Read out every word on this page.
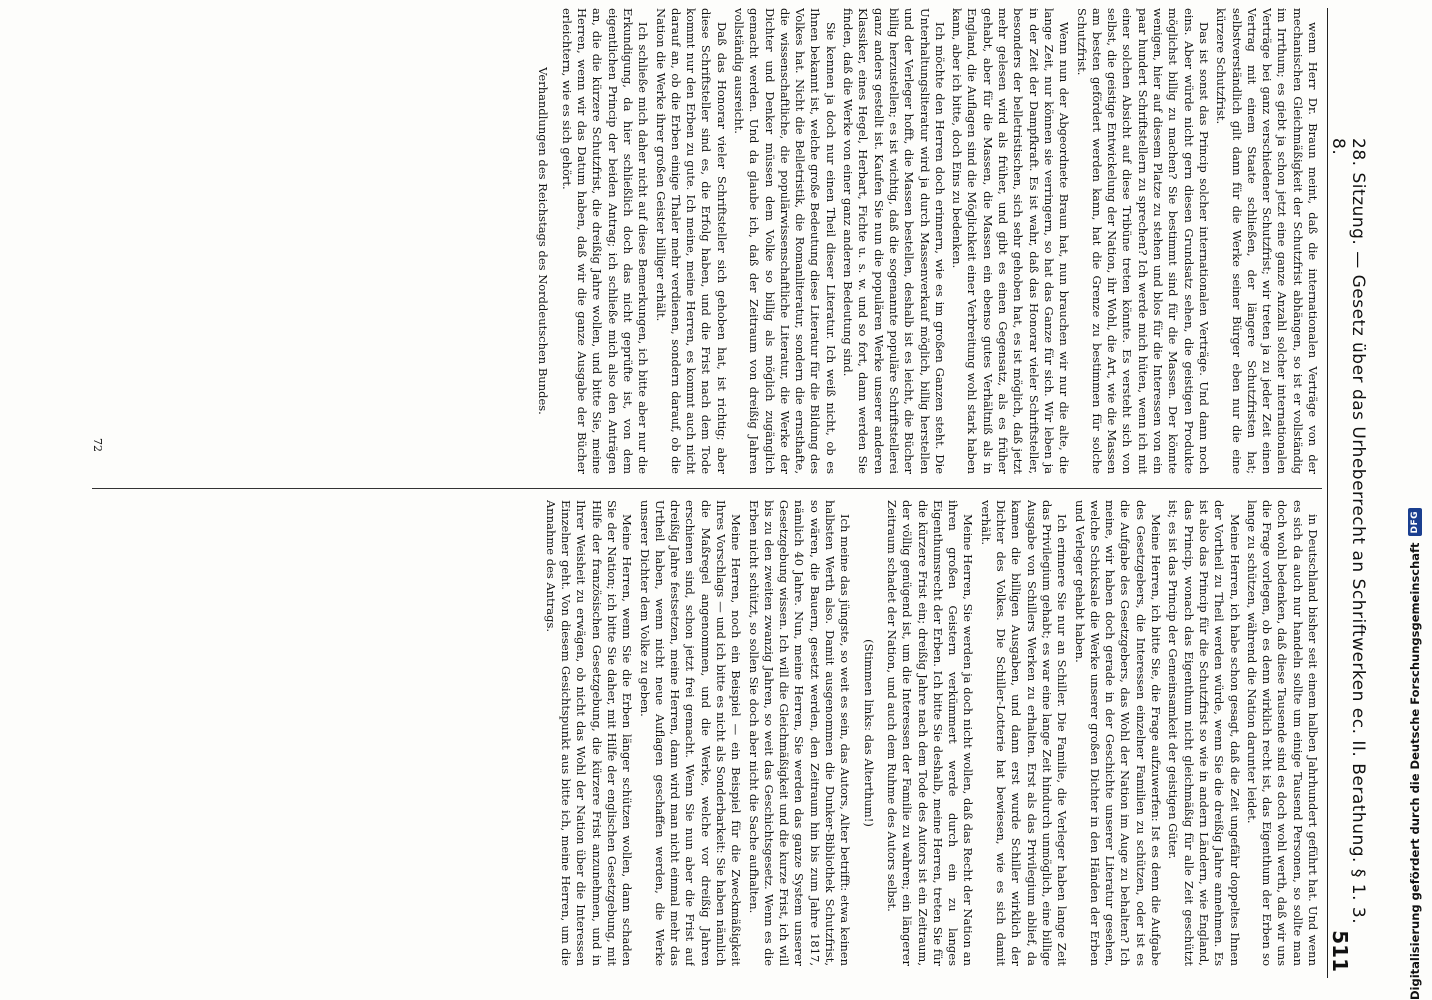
28. Sitzung. — Gesetz über das Urheberrecht an Schriftwerken ec. II. Berathung. § 1. 3. 8.
511

wenn Herr Dr. Braun meint, daß die internationalen Verträge von der mechanischen Gleichmäßigkeit der Schutzfrist abhängen, so ist er vollständig im Irrthum; es giebt ja schon jetzt eine ganze Anzahl solcher internationalen Verträge bei ganz verschiedener Schutzfrist; wir treten ja zu jeder Zeit einen Vertrag mit einem Staate schließen, der längere Schutzfristen hat; selbstverständlich gilt dann für die Werke seiner Bürger eben nur die eine kürzere Schutzfrist.

Das ist sonst das Princip solcher internationalen Verträge. Und dann noch eins. Aber würde nicht gern diesen Grundsatz sehen, die geistigen Produkte möglichst billig zu machen? Sie bestimmt sind für die Massen. Der könnte wenigen, hier auf diesem Platze zu stehen und blos für die Interessen von ein paar hundert Schriftstellern zu sprechen? Ich werde mich hüten, wenn ich mit einer solchen Absicht auf diese Tribüne treten könnte. Es versteht sich von selbst, die geistige Entwickelung der Nation, ihr Wohl, die Art, wie die Massen am besten gefördert werden kann, hat die Grenze zu bestimmen für solche Schutzfrist.

Wenn nun der Abgeordnete Braun hat, nun brauchen wir nur die alte, die lange Zeit, nur können sie verringern, so hat das Ganze für sich. Wir leben ja in der Zeit der Dampfkraft. Es ist wahr, daß das Honorar vieler Schriftsteller, besonders der belletristischen, sich sehr gehoben hat, es ist möglich, daß jetzt mehr gelesen wird als früher, und gibt es einen Gegensatz, als es früher gehabt, aber für die Massen, die Massen ein ebenso gutes Verhältniß als in England, die Auflagen sind die Möglichkeit einer Verbreitung wohl stark haben kann, aber ich bitte, doch Eins zu bedenken.

Ich möchte den Herren doch erinnern, wie es im großen Ganzen steht. Die Unterhaltungsliteratur wird ja durch Massenverkauf möglich, billig herstellen und der Verleger hofft, die Massen bestellen, deshalb ist es leicht, die Bücher billig herzustellen; es ist wichtig, daß die sogenannte populäre Schriftstellerei ganz anders gestellt ist. Kaufen Sie nun die populären Werke unserer anderen Klassiker, eines Hegel, Herbart, Fichte u. s. w. und so fort, dann werden Sie finden, daß die Werke von einer ganz anderen Bedeutung sind.

Sie kennen ja doch nur einen Theil dieser Literatur. Ich weiß nicht, ob es Ihnen bekannt ist, welche große Bedeutung diese Literatur für die Bildung des Volkes hat. Nicht die Belletristik, die Romanliteratur, sondern die ernsthafte, die wissenschaftliche, die populärwissenschaftliche Literatur, die Werke der Dichter und Denker müssen dem Volke so billig als möglich zugänglich gemacht werden. Und da glaube ich, daß der Zeitraum von dreißig Jahren vollständig ausreicht.

Daß das Honorar vieler Schriftsteller sich gehoben hat, ist richtig; aber diese Schriftsteller sind es, die Erfolg haben, und die Frist nach dem Tode kommt nur den Erben zu gute. Ich meine, meine Herren, es kommt auch nicht darauf an, ob die Erben einige Thaler mehr verdienen, sondern darauf, ob die Nation die Werke ihrer großen Geister billiger erhält.

Ich schließe mich daher nicht auf diese Bemerkungen, ich bitte aber nur die Erkundigung, da hier schließlich doch das nicht geprüfte ist, von dem eigentlichen Princip der beiden Antrag; ich schließe mich also den Anträgen an, die die kürzere Schutzfrist, die dreißig Jahre wollen, und bitte Sie, meine Herren, wenn wir das Datum haben, daß wir die ganze Ausgabe der Bücher erleichtern, wie es sich gehört.

Verhandlungen des Reichstags des Norddeutschen Bundes.

in Deutschland bisher seit einem halben Jahrhundert geführt hat. Und wenn es sich da auch nur handeln sollte um einige Tausend Personen, so sollte man doch wohl bedenken, daß diese Tausende sind es doch wohl werth, daß wir uns die Frage vorlegen, ob es denn wirklich recht ist, das Eigenthum der Erben so lange zu schützen, während die Nation darunter leidet.

Meine Herren, ich habe schon gesagt, daß die Zeit ungefähr doppeltes Ihnen der Vortheil zu Theil werden würde, wenn Sie die dreißig Jahre annehmen. Es ist also das Princip für die Schutzfrist so wie in andern Ländern, wie England, das Princip, wonach das Eigenthum nicht gleichmäßig für alle Zeit geschützt ist; es ist das Princip der Gemeinsamkeit der geistigen Güter.

Meine Herren, ich bitte Sie, die Frage aufzuwerfen: Ist es denn die Aufgabe des Gesetzgebers, die Interessen einzelner Familien zu schützen, oder ist es die Aufgabe des Gesetzgebers, das Wohl der Nation im Auge zu behalten? Ich meine, wir haben doch gerade in der Geschichte unserer Literatur gesehen, welche Schicksale die Werke unserer großen Dichter in den Händen der Erben und Verleger gehabt haben.

Ich erinnere Sie nur an Schiller. Die Familie, die Verleger haben lange Zeit das Privilegium gehabt; es war eine lange Zeit hindurch unmöglich, eine billige Ausgabe von Schillers Werken zu erhalten. Erst als das Privilegium ablief, da kamen die billigen Ausgaben, und dann erst wurde Schiller wirklich der Dichter des Volkes. Die Schiller-Lotterie hat bewiesen, wie es sich damit verhält.

Meine Herren, Sie werden ja doch nicht wollen, daß das Recht der Nation an ihren großen Geistern verkümmert werde durch ein zu langes Eigenthumsrecht der Erben. Ich bitte Sie deshalb, meine Herren, treten Sie für die kürzere Frist ein; dreißig Jahre nach dem Tode des Autors ist ein Zeitraum, der völlig genügend ist, um die Interessen der Familie zu wahren; ein längerer Zeitraum schadet der Nation, und auch dem Ruhme des Autors selbst.

(Stimmen links: das Alterthum!)

Ich meine das jüngste, so weit es sein, das Autors, Alter betrifft: etwa keinen halbsten Werth also. Damit ausgenommen die Dunker-Bibliothek Schutzfrist, so wären, die Bauern, gesetzt werden, den Zeitraum hin bis zum Jahre 1817, nämlich 40 Jahre. Nun, meine Herren, Sie werden das ganze System unserer Gesetzgebung wissen. Ich will die Gleichmäßigkeit und die kurze Frist, ich will bis zu den zweiten zwanzig Jahren, so weit das Geschichtsgesetz. Wenn es die Erben nicht schützt, so sollen Sie doch aber nicht die Sache aufhalten.

Meine Herren, noch ein Beispiel — ein Beispiel für die Zweckmäßigkeit Ihres Vorschlags — und ich bitte es nicht als Sonderbarkeit: Sie haben nämlich die Maßregel angenommen, und die Werke, welche vor dreißig Jahren erschienen sind, schon jetzt frei gemacht. Wenn Sie nun aber die Frist auf dreißig Jahre festsetzen, meine Herren, dann wird man nicht einmal mehr das Urtheil haben, wenn nicht neue Auflagen geschaffen werden, die Werke unserer Dichter dem Volke zu geben.

Meine Herren, wenn Sie die Erben länger schützen wollen, dann schaden Sie der Nation; ich bitte Sie daher, mit Hilfe der englischen Gesetzgebung, mit Hilfe der französischen Gesetzgebung, die kürzere Frist anzunehmen, und in Ihrer Weisheit zu erwägen, ob nicht das Wohl der Nation über die Interessen Einzelner geht. Von diesem Gesichtspunkt aus bitte ich, meine Herren, um die Annahme des Antrags.

72
Digitalisierung gefördert durch die Deutsche Forschungsgemeinschaft
DFG
